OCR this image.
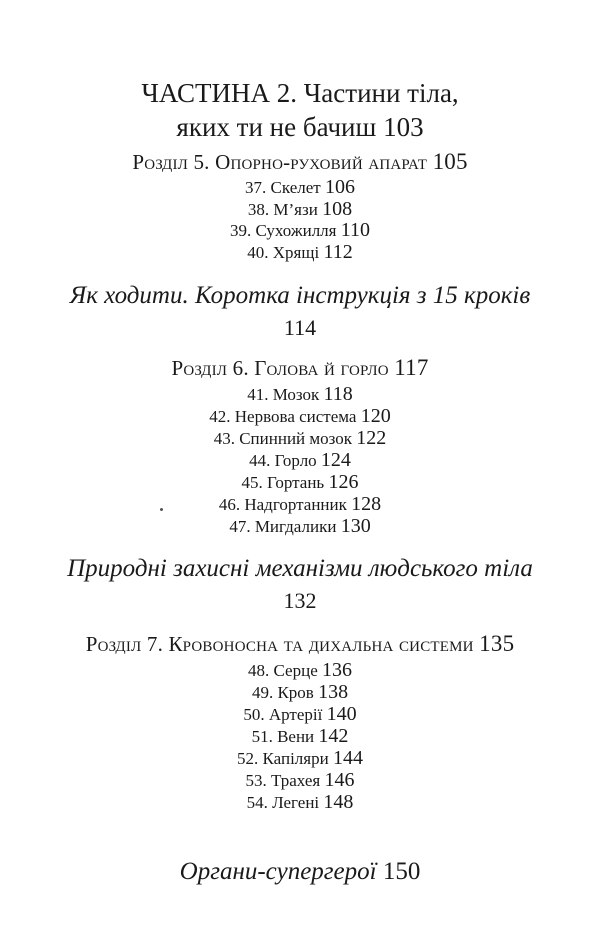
ЧАСТИНА 2. Частини тіла,
яких ти не бачиш 103
Розділ 5. Опорно-руховий апарат 105
37. Скелет 106
38. М’язи 108
39. Сухожилля 110
40. Хрящі 112
Як ходити. Коротка інструкція з 15 кроків
114
Розділ 6. Голова й горло 117
41. Мозок 118
42. Нервова система 120
43. Спинний мозок 122
44. Горло 124
45. Гортань 126
46. Надгортанник 128
47. Мигдалики 130
Природні захисні механізми людського тіла
132
Розділ 7. Кровоносна та дихальна системи 135
48. Серце 136
49. Кров 138
50. Артерії 140
51. Вени 142
52. Капіляри 144
53. Трахея 146
54. Легені 148
Органи-супергерої 150
